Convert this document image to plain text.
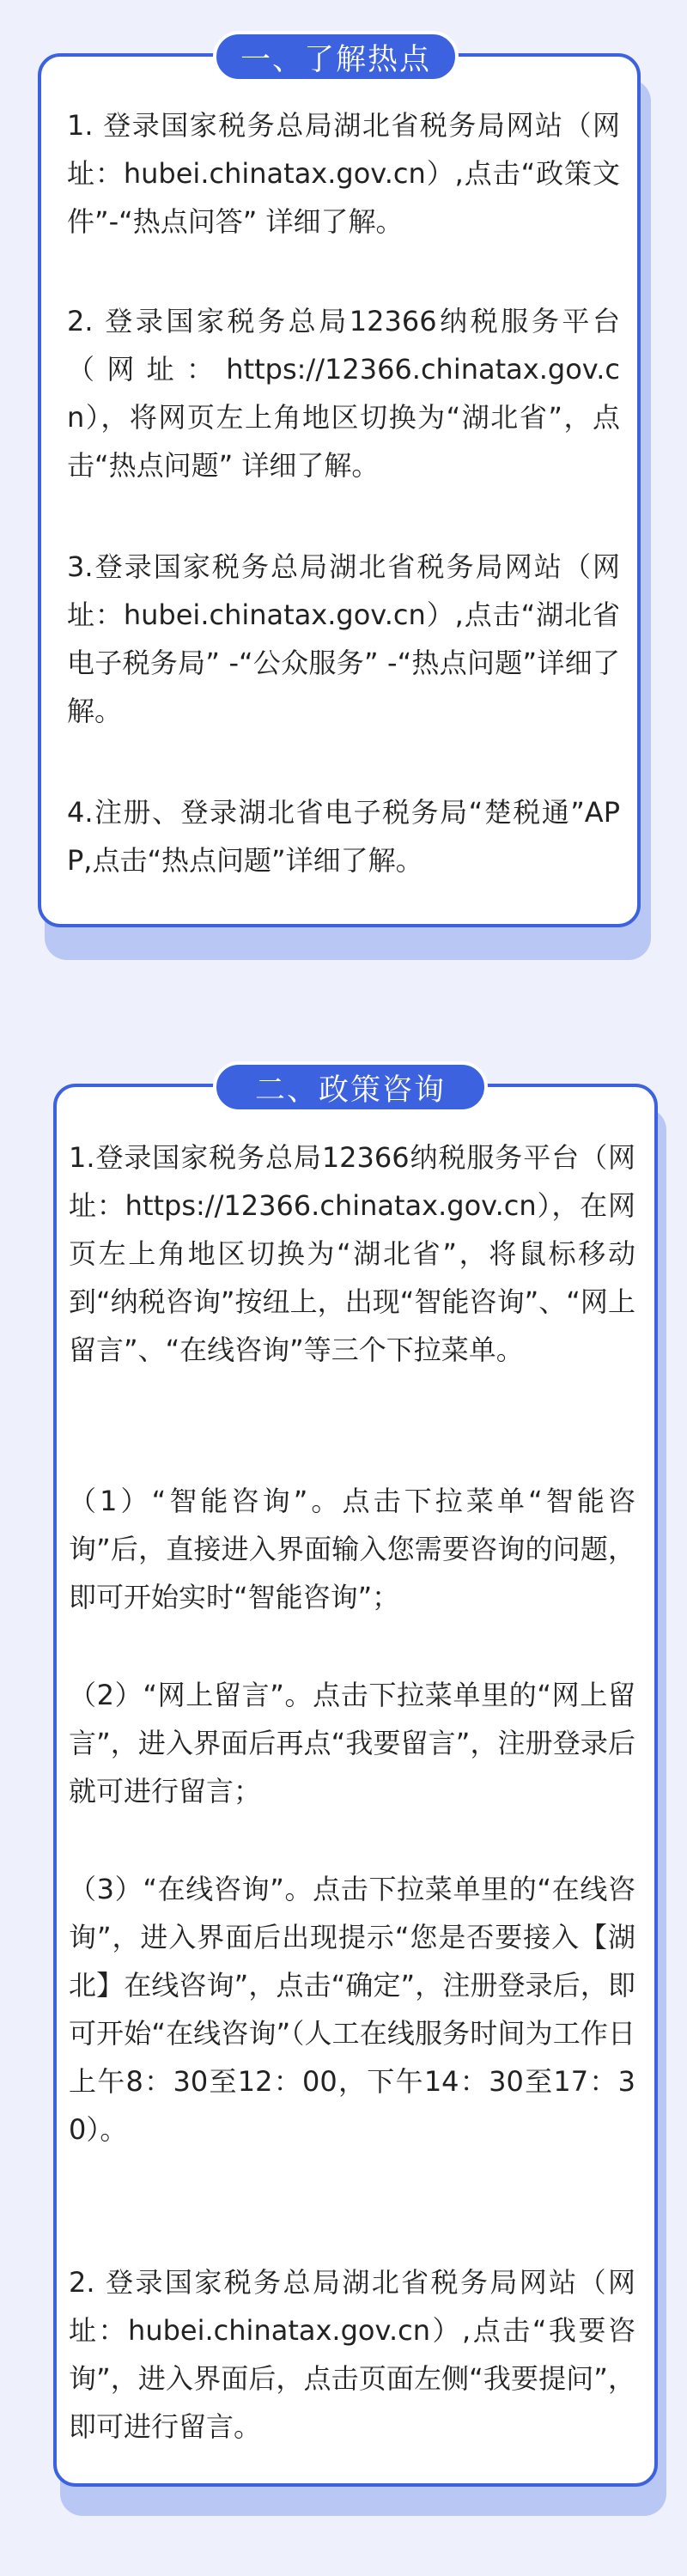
一、了解热点

1. 登录国家税务总局湖北省税务局网站（网址：hubei.chinatax.gov.cn）,点击“政策文件”-“热点问答” 详细了解。

2. 登录国家税务总局12366纳税服务平台（网址：https://12366.chinatax.gov.cn），将网页左上角地区切换为“湖北省”，点击“热点问题” 详细了解。

3.登录国家税务总局湖北省税务局网站（网址：hubei.chinatax.gov.cn）,点击“湖北省电子税务局” -“公众服务” -“热点问题”详细了解。

4.注册、登录湖北省电子税务局“楚税通”APP,点击“热点问题”详细了解。

二、政策咨询

1.登录国家税务总局12366纳税服务平台（网址：https://12366.chinatax.gov.cn），在网页左上角地区切换为“湖北省”，将鼠标移动到“纳税咨询”按纽上，出现“智能咨询”、“网上留言”、“在线咨询”等三个下拉菜单。

（1）“智能咨询”。点击下拉菜单“智能咨询”后，直接进入界面输入您需要咨询的问题，即可开始实时“智能咨询”；

（2）“网上留言”。点击下拉菜单里的“网上留言”，进入界面后再点“我要留言”，注册登录后就可进行留言；

（3）“在线咨询”。点击下拉菜单里的“在线咨询”，进入界面后出现提示“您是否要接入【湖北】在线咨询”，点击“确定”，注册登录后，即可开始“在线咨询”（人工在线服务时间为工作日上午8：30至12：00，下午14：30至17：30）。

2. 登录国家税务总局湖北省税务局网站（网址：hubei.chinatax.gov.cn）,点击“我要咨询”，进入界面后，点击页面左侧“我要提问”，即可进行留言。
